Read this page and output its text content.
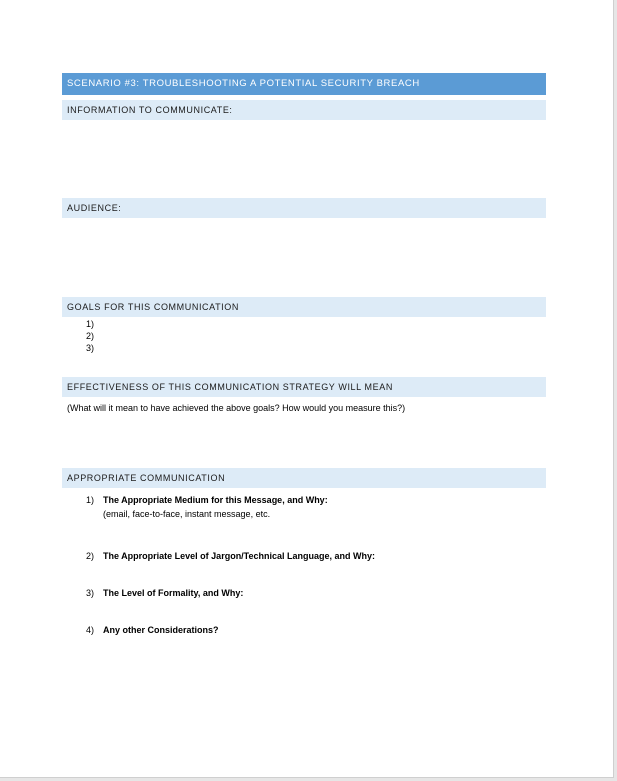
SCENARIO #3: TROUBLESHOOTING A POTENTIAL SECURITY BREACH
INFORMATION TO COMMUNICATE:
AUDIENCE:
GOALS FOR THIS COMMUNICATION
1)
2)
3)
EFFECTIVENESS OF THIS COMMUNICATION STRATEGY WILL MEAN
(What will it mean to have achieved the above goals? How would you measure this?)
APPROPRIATE COMMUNICATION
1) The Appropriate Medium for this Message, and Why:
(email, face-to-face, instant message, etc.
2) The Appropriate Level of Jargon/Technical Language, and Why:
3) The Level of Formality, and Why:
4) Any other Considerations?
